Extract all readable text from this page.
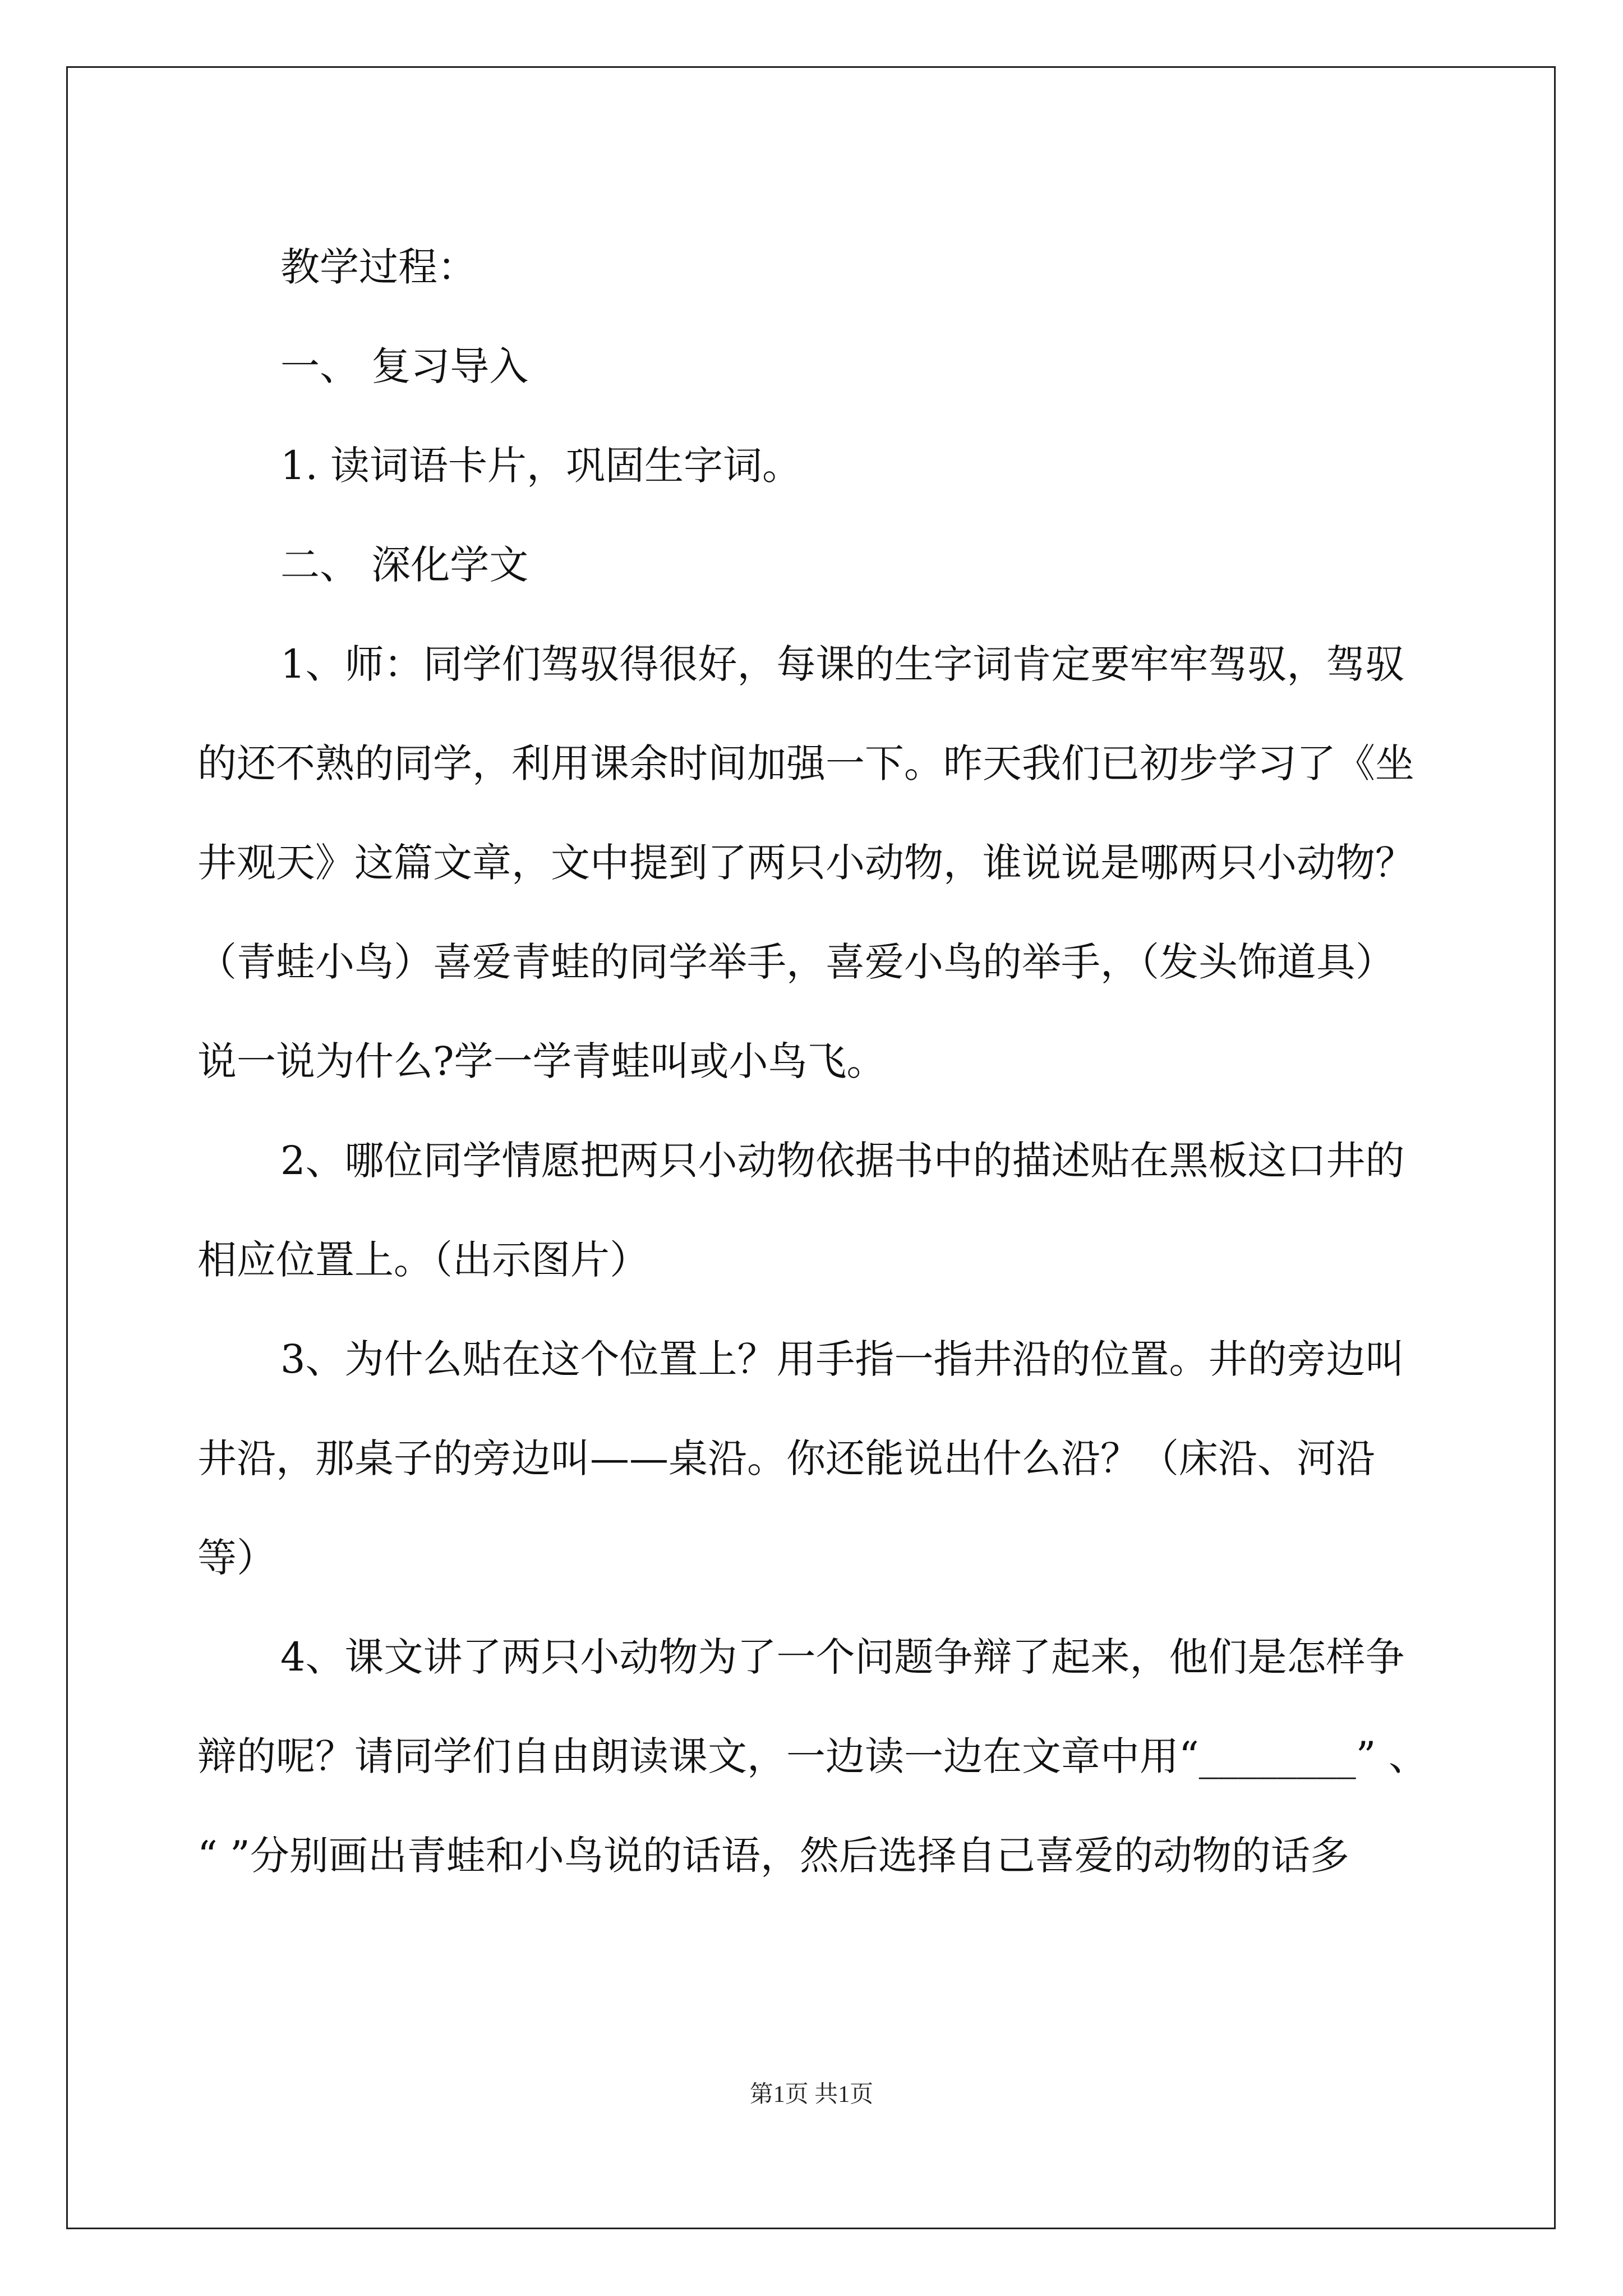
教学过程：
一、 复习导入
1. 读词语卡片，巩固生字词。
二、 深化学文
1、师：同学们驾驭得很好，每课的生字词肯定要牢牢驾驭，驾驭
的还不熟的同学，利用课余时间加强一下。昨天我们已初步学习了《坐
井观天》这篇文章，文中提到了两只小动物，谁说说是哪两只小动物？
（青蛙小鸟）喜爱青蛙的同学举手，喜爱小鸟的举手，（发头饰道具）
说一说为什么?学一学青蛙叫或小鸟飞。
2、哪位同学情愿把两只小动物依据书中的描述贴在黑板这口井的
相应位置上。（出示图片）
3、为什么贴在这个位置上？用手指一指井沿的位置。井的旁边叫
井沿，那桌子的旁边叫——桌沿。你还能说出什么沿？（床沿、河沿
等）
4、课文讲了两只小动物为了一个问题争辩了起来，他们是怎样争
辩的呢？请同学们自由朗读课文，一边读一边在文章中用“________” 、
“ ”分别画出青蛙和小鸟说的话语，然后选择自己喜爱的动物的话多
第1页 共1页
